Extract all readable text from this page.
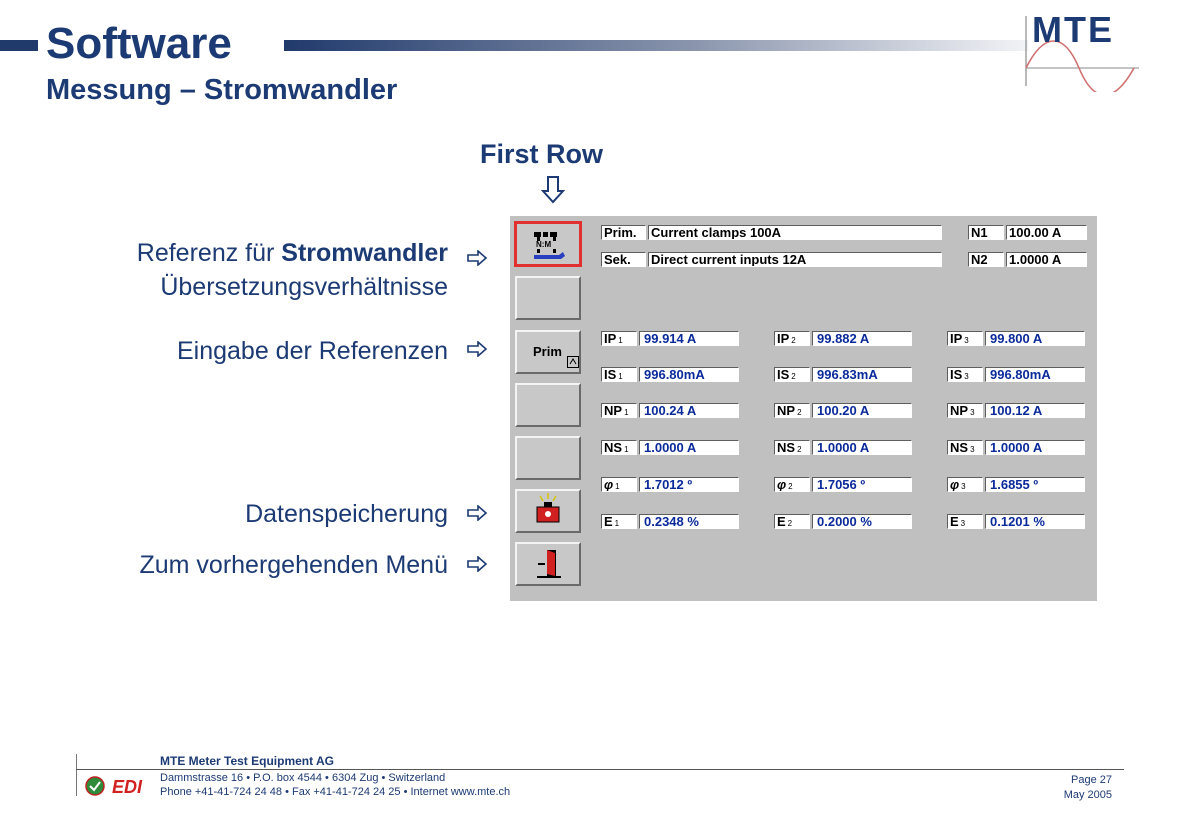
Software
Messung – Stromwandler
MTE
First Row
Referenz für Stromwandler
Übersetzungsverhältnisse
Eingabe der Referenzen
Datenspeicherung
Zum vorhergehenden Menü
N:M
Prim
Prim.	Current clamps 100A	N1	100.00 A
Sek.	Direct current inputs 12A	N2	1.0000 A
IP 1	99.914 A	IP 2	99.882 A	IP 3	99.800 A
IS 1	996.80mA	IS 2	996.83mA	IS 3	996.80mA
NP 1	100.24 A	NP 2	100.20 A	NP 3	100.12 A
NS 1	1.0000 A	NS 2	1.0000 A	NS 3	1.0000 A
φ 1	1.7012 º	φ 2	1.7056 º	φ 3	1.6855 º
E 1	0.2348 %	E 2	0.2000 %	E 3	0.1201 %
MTE Meter Test Equipment AG
Dammstrasse 16 • P.O. box 4544 • 6304 Zug • Switzerland
Phone +41-41-724 24 48 • Fax +41-41-724 24 25 • Internet www.mte.ch
Page 27
May 2005
EDI
